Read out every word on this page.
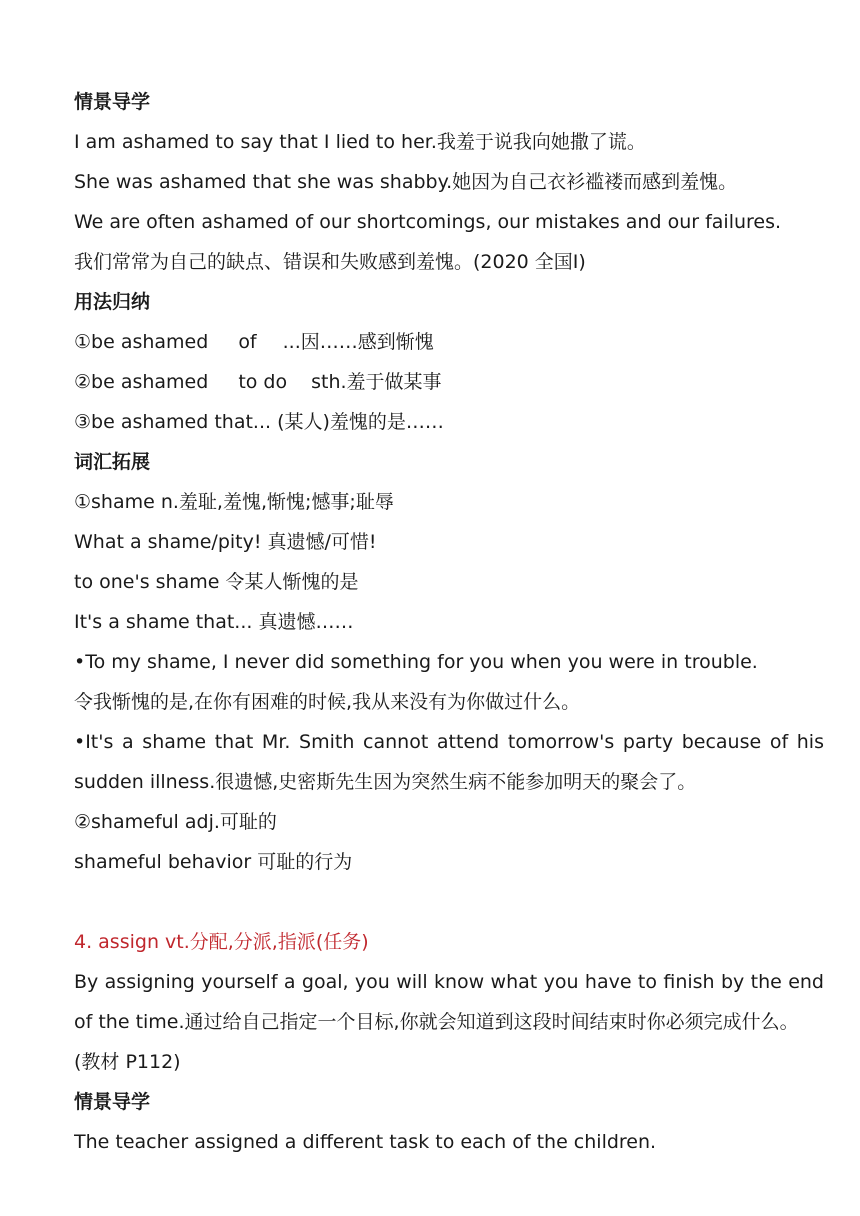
情景导学
I am ashamed to say that I lied to her.我羞于说我向她撒了谎。
She was ashamed that she was shabby.她因为自己衣衫褴褛而感到羞愧。
We are often ashamed of our shortcomings, our mistakes and our failures.
我们常常为自己的缺点、错误和失败感到羞愧。(2020 全国Ⅰ)
用法归纳
①be ashamed of ...因……感到惭愧
②be ashamed to do sth.羞于做某事
③be ashamed that... (某人)羞愧的是……
词汇拓展
①shame n.羞耻,羞愧,惭愧;憾事;耻辱
What a shame/pity! 真遗憾/可惜!
to one's shame 令某人惭愧的是
It's a shame that... 真遗憾……
•To my shame, I never did something for you when you were in trouble.
令我惭愧的是,在你有困难的时候,我从来没有为你做过什么。
•It's a shame that Mr. Smith cannot attend tomorrow's party because of his sudden illness.很遗憾,史密斯先生因为突然生病不能参加明天的聚会了。
②shameful adj.可耻的
shameful behavior 可耻的行为
4. assign vt.分配,分派,指派(任务)
By assigning yourself a goal, you will know what you have to finish by the end of the time.通过给自己指定一个目标,你就会知道到这段时间结束时你必须完成什么。
(教材 P112)
情景导学
The teacher assigned a different task to each of the children.
